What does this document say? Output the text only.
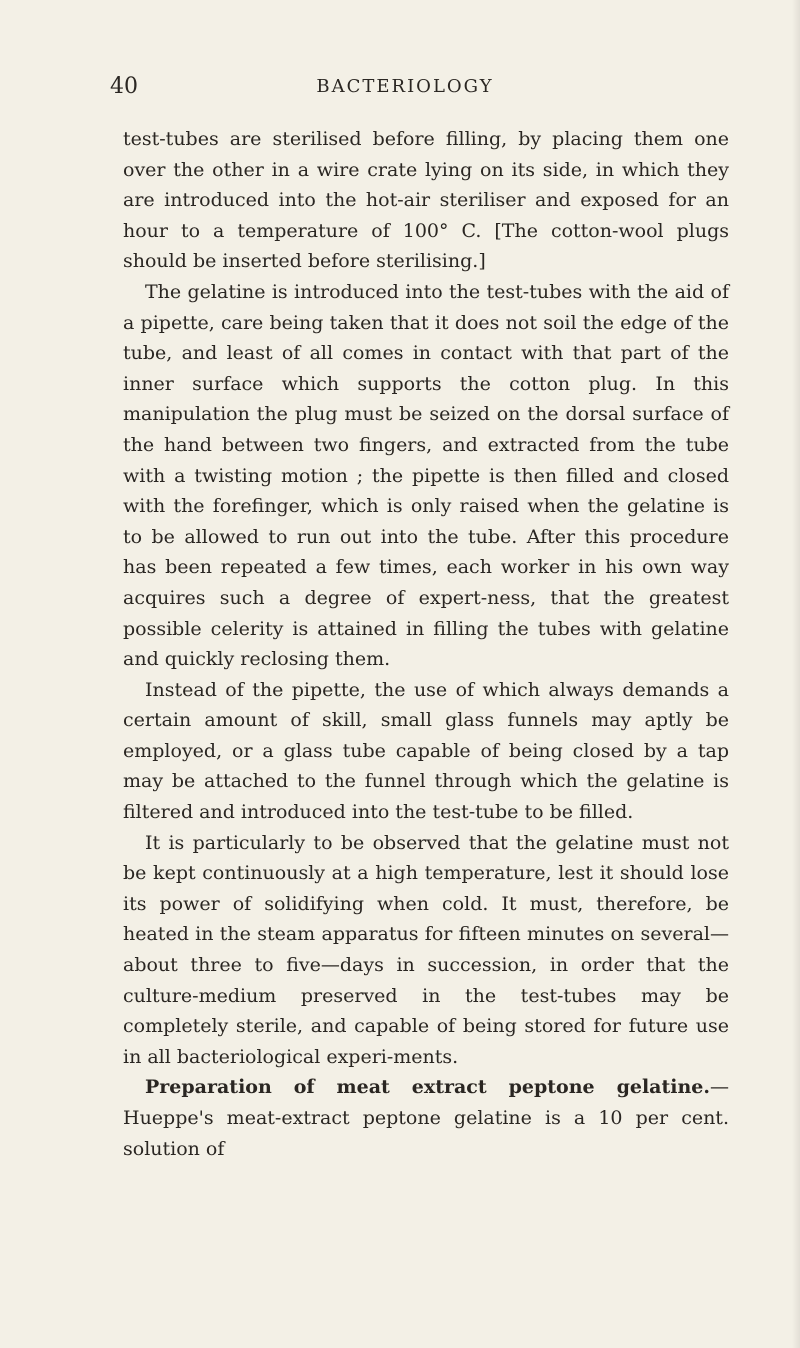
40	BACTERIOLOGY

test-tubes are sterilised before filling, by placing them one over the other in a wire crate lying on its side, in which they are introduced into the hot-air steriliser and exposed for an hour to a temperature of 100° C. [The cotton-wool plugs should be inserted before sterilising.]

The gelatine is introduced into the test-tubes with the aid of a pipette, care being taken that it does not soil the edge of the tube, and least of all comes in contact with that part of the inner surface which supports the cotton plug. In this manipulation the plug must be seized on the dorsal surface of the hand between two fingers, and extracted from the tube with a twisting motion ; the pipette is then filled and closed with the forefinger, which is only raised when the gelatine is to be allowed to run out into the tube. After this procedure has been repeated a few times, each worker in his own way acquires such a degree of expert-ness, that the greatest possible celerity is attained in filling the tubes with gelatine and quickly reclosing them.

Instead of the pipette, the use of which always demands a certain amount of skill, small glass funnels may aptly be employed, or a glass tube capable of being closed by a tap may be attached to the funnel through which the gelatine is filtered and introduced into the test-tube to be filled.

It is particularly to be observed that the gelatine must not be kept continuously at a high temperature, lest it should lose its power of solidifying when cold. It must, therefore, be heated in the steam apparatus for fifteen minutes on several—about three to five—days in succession, in order that the culture-medium preserved in the test-tubes may be completely sterile, and capable of being stored for future use in all bacteriological experi-ments.

Preparation of meat extract peptone gelatine.—Hueppe's meat-extract peptone gelatine is a 10 per cent. solution of
